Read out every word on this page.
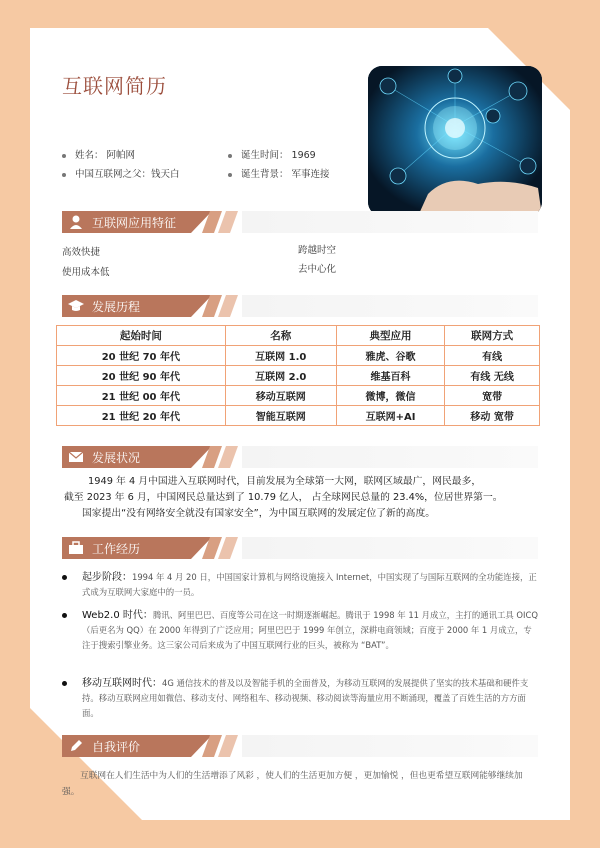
互联网简历
姓名： 阿帕网
中国互联网之父：钱天白
诞生时间： 1969
诞生背景： 军事连接
互联网应用特征
高效快捷	跨越时空
使用成本低	去中心化
发展历程
起始时间	名称	典型应用	联网方式
20 世纪 70 年代	互联网 1.0	雅虎、谷歌	有线
20 世纪 90 年代	互联网 2.0	维基百科	有线 无线
21 世纪 00 年代	移动互联网	微博，微信	宽带
21 世纪 20 年代	智能互联网	互联网+AI	移动 宽带
发展状况
1949 年 4 月中国进入互联网时代，目前发展为全球第一大网，联网区域最广，网民最多，
截至 2023 年 6 月，中国网民总量达到了 10.79 亿人， 占全球网民总量的 23.4%，位居世界第一。
国家提出“没有网络安全就没有国家安全”，为中国互联网的发展定位了新的高度。
工作经历
起步阶段：1994 年 4 月 20 日，中国国家计算机与网络设施接入 Internet，中国实现了与国际互联网的全功能连接，正式成为互联网大家庭中的一员。
Web2.0 时代：腾讯、阿里巴巴、百度等公司在这一时期逐渐崛起。腾讯于 1998 年 11 月成立，主打的通讯工具 OICQ（后更名为 QQ）在 2000 年得到了广泛应用；阿里巴巴于 1999 年创立，深耕电商领域；百度于 2000 年 1 月成立，专注于搜索引擎业务。这三家公司后来成为了中国互联网行业的巨头，被称为 “BAT”。
移动互联网时代：4G 通信技术的普及以及智能手机的全面普及，为移动互联网的发展提供了坚实的技术基础和硬件支持。移动互联网应用如微信、移动支付、网络租车、移动视频、移动阅读等海量应用不断涌现，覆盖了百姓生活的方方面面。
自我评价
互联网在人们生活中为人们的生活增添了风彩 ，使人们的生活更加方便 ，更加愉悦 ，但也更希望互联网能够继续加强。
